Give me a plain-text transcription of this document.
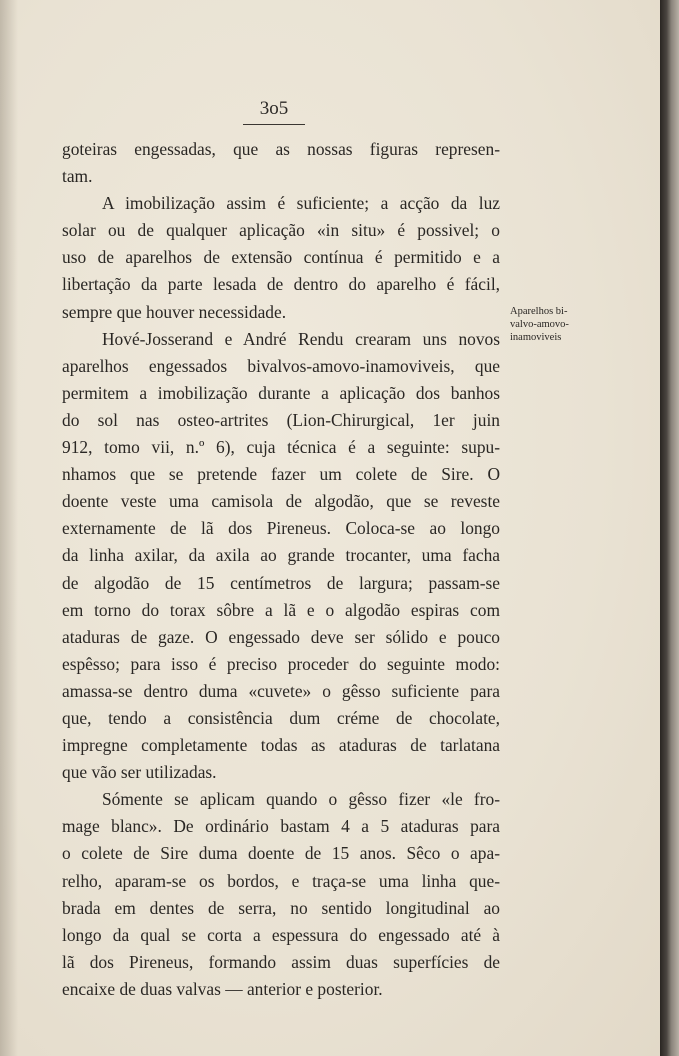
3o5
goteiras engessadas, que as nossas figuras represen-
tam.
A imobilização assim é suficiente; a acção da luz
solar ou de qualquer aplicação «in situ» é possivel; o
uso de aparelhos de extensão contínua é permitido e a
libertação da parte lesada de dentro do aparelho é fácil,
sempre que houver necessidade.
Hové-Josserand e André Rendu crearam uns novos
aparelhos engessados bivalvos-amovo-inamoviveis, que
permitem a imobilização durante a aplicação dos banhos
do sol nas osteo-artrites (Lion-Chirurgical, 1er juin
912, tomo vii, n.º 6), cuja técnica é a seguinte: supu-
nhamos que se pretende fazer um colete de Sire. O
doente veste uma camisola de algodão, que se reveste
externamente de lã dos Pireneus. Coloca-se ao longo
da linha axilar, da axila ao grande trocanter, uma facha
de algodão de 15 centímetros de largura; passam-se
em torno do torax sôbre a lã e o algodão espiras com
ataduras de gaze. O engessado deve ser sólido e pouco
espêsso; para isso é preciso proceder do seguinte modo:
amassa-se dentro duma «cuvete» o gêsso suficiente para
que, tendo a consistência dum créme de chocolate,
impregne completamente todas as ataduras de tarlatana
que vão ser utilizadas.
Sómente se aplicam quando o gêsso fizer «le fro-
mage blanc». De ordinário bastam 4 a 5 ataduras para
o colete de Sire duma doente de 15 anos. Sêco o apa-
relho, aparam-se os bordos, e traça-se uma linha que-
brada em dentes de serra, no sentido longitudinal ao
longo da qual se corta a espessura do engessado até à
lã dos Pireneus, formando assim duas superfícies de
encaixe de duas valvas — anterior e posterior.
Aparelhos bi-
valvo-amovo-
inamoviveis
